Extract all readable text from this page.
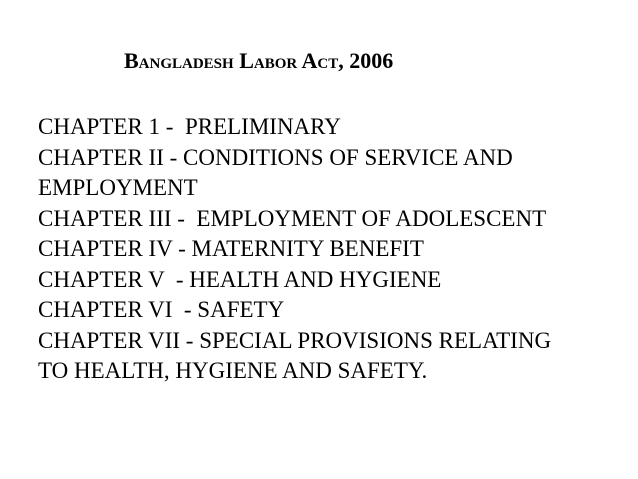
Bangladesh Labor Act, 2006

CHAPTER 1 -  PRELIMINARY

CHAPTER II - CONDITIONS OF SERVICE AND

EMPLOYMENT

CHAPTER III -  EMPLOYMENT OF ADOLESCENT

CHAPTER IV - MATERNITY BENEFIT

CHAPTER V  - HEALTH AND HYGIENE

CHAPTER VI  - SAFETY

CHAPTER VII - SPECIAL PROVISIONS RELATING

TO HEALTH, HYGIENE AND SAFETY.
